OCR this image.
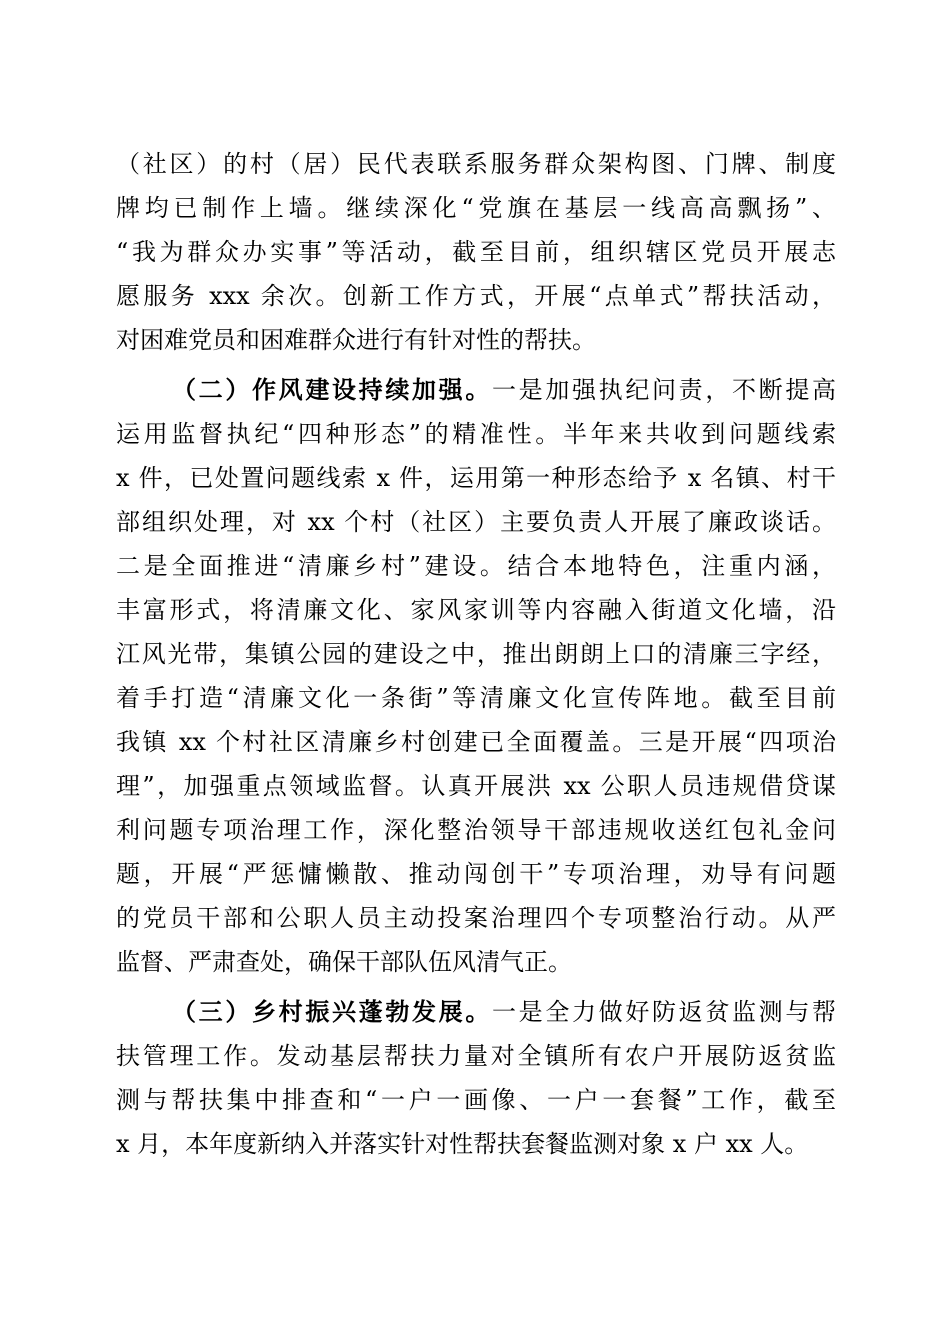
（社区）的村（居）民代表联系服务群众架构图、门牌、制度
牌均已制作上墙。继续深化“党旗在基层一线高高飘扬”、
“我为群众办实事”等活动，截至目前，组织辖区党员开展志
愿服务 xxx 余次。创新工作方式，开展“点单式”帮扶活动，
对困难党员和困难群众进行有针对性的帮扶。
（二）作风建设持续加强。一是加强执纪问责，不断提高
运用监督执纪“四种形态”的精准性。半年来共收到问题线索
x 件，已处置问题线索 x 件，运用第一种形态给予 x 名镇、村干
部组织处理，对 xx 个村（社区）主要负责人开展了廉政谈话。
二是全面推进“清廉乡村”建设。结合本地特色，注重内涵，
丰富形式，将清廉文化、家风家训等内容融入街道文化墙，沿
江风光带，集镇公园的建设之中，推出朗朗上口的清廉三字经，
着手打造“清廉文化一条街”等清廉文化宣传阵地。截至目前
我镇 xx 个村社区清廉乡村创建已全面覆盖。三是开展“四项治
理”，加强重点领域监督。认真开展洪 xx 公职人员违规借贷谋
利问题专项治理工作，深化整治领导干部违规收送红包礼金问
题，开展“严惩慵懒散、推动闯创干”专项治理，劝导有问题
的党员干部和公职人员主动投案治理四个专项整治行动。从严
监督、严肃查处，确保干部队伍风清气正。
（三）乡村振兴蓬勃发展。一是全力做好防返贫监测与帮
扶管理工作。发动基层帮扶力量对全镇所有农户开展防返贫监
测与帮扶集中排查和“一户一画像、一户一套餐”工作，截至
x 月，本年度新纳入并落实针对性帮扶套餐监测对象 x 户 xx 人。
